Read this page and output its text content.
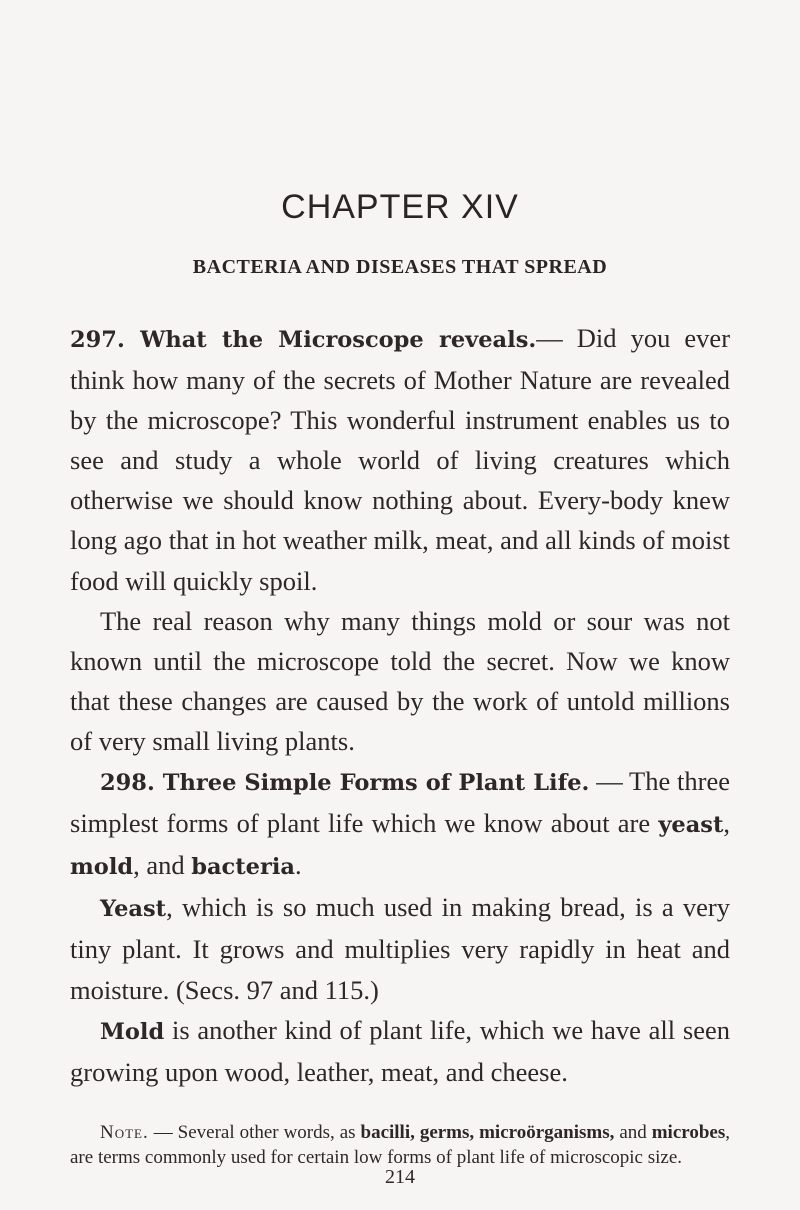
CHAPTER XIV
BACTERIA AND DISEASES THAT SPREAD

297. What the Microscope reveals.— Did you ever think how many of the secrets of Mother Nature are revealed by the microscope? This wonderful instrument enables us to see and study a whole world of living creatures which otherwise we should know nothing about. Every-body knew long ago that in hot weather milk, meat, and all kinds of moist food will quickly spoil.

The real reason why many things mold or sour was not known until the microscope told the secret. Now we know that these changes are caused by the work of untold millions of very small living plants.

298. Three Simple Forms of Plant Life. — The three simplest forms of plant life which we know about are yeast, mold, and bacteria.

Yeast, which is so much used in making bread, is a very tiny plant. It grows and multiplies very rapidly in heat and moisture. (Secs. 97 and 115.)

Mold is another kind of plant life, which we have all seen growing upon wood, leather, meat, and cheese.

Note. — Several other words, as bacilli, germs, microörganisms, and microbes, are terms commonly used for certain low forms of plant life of microscopic size.
214
